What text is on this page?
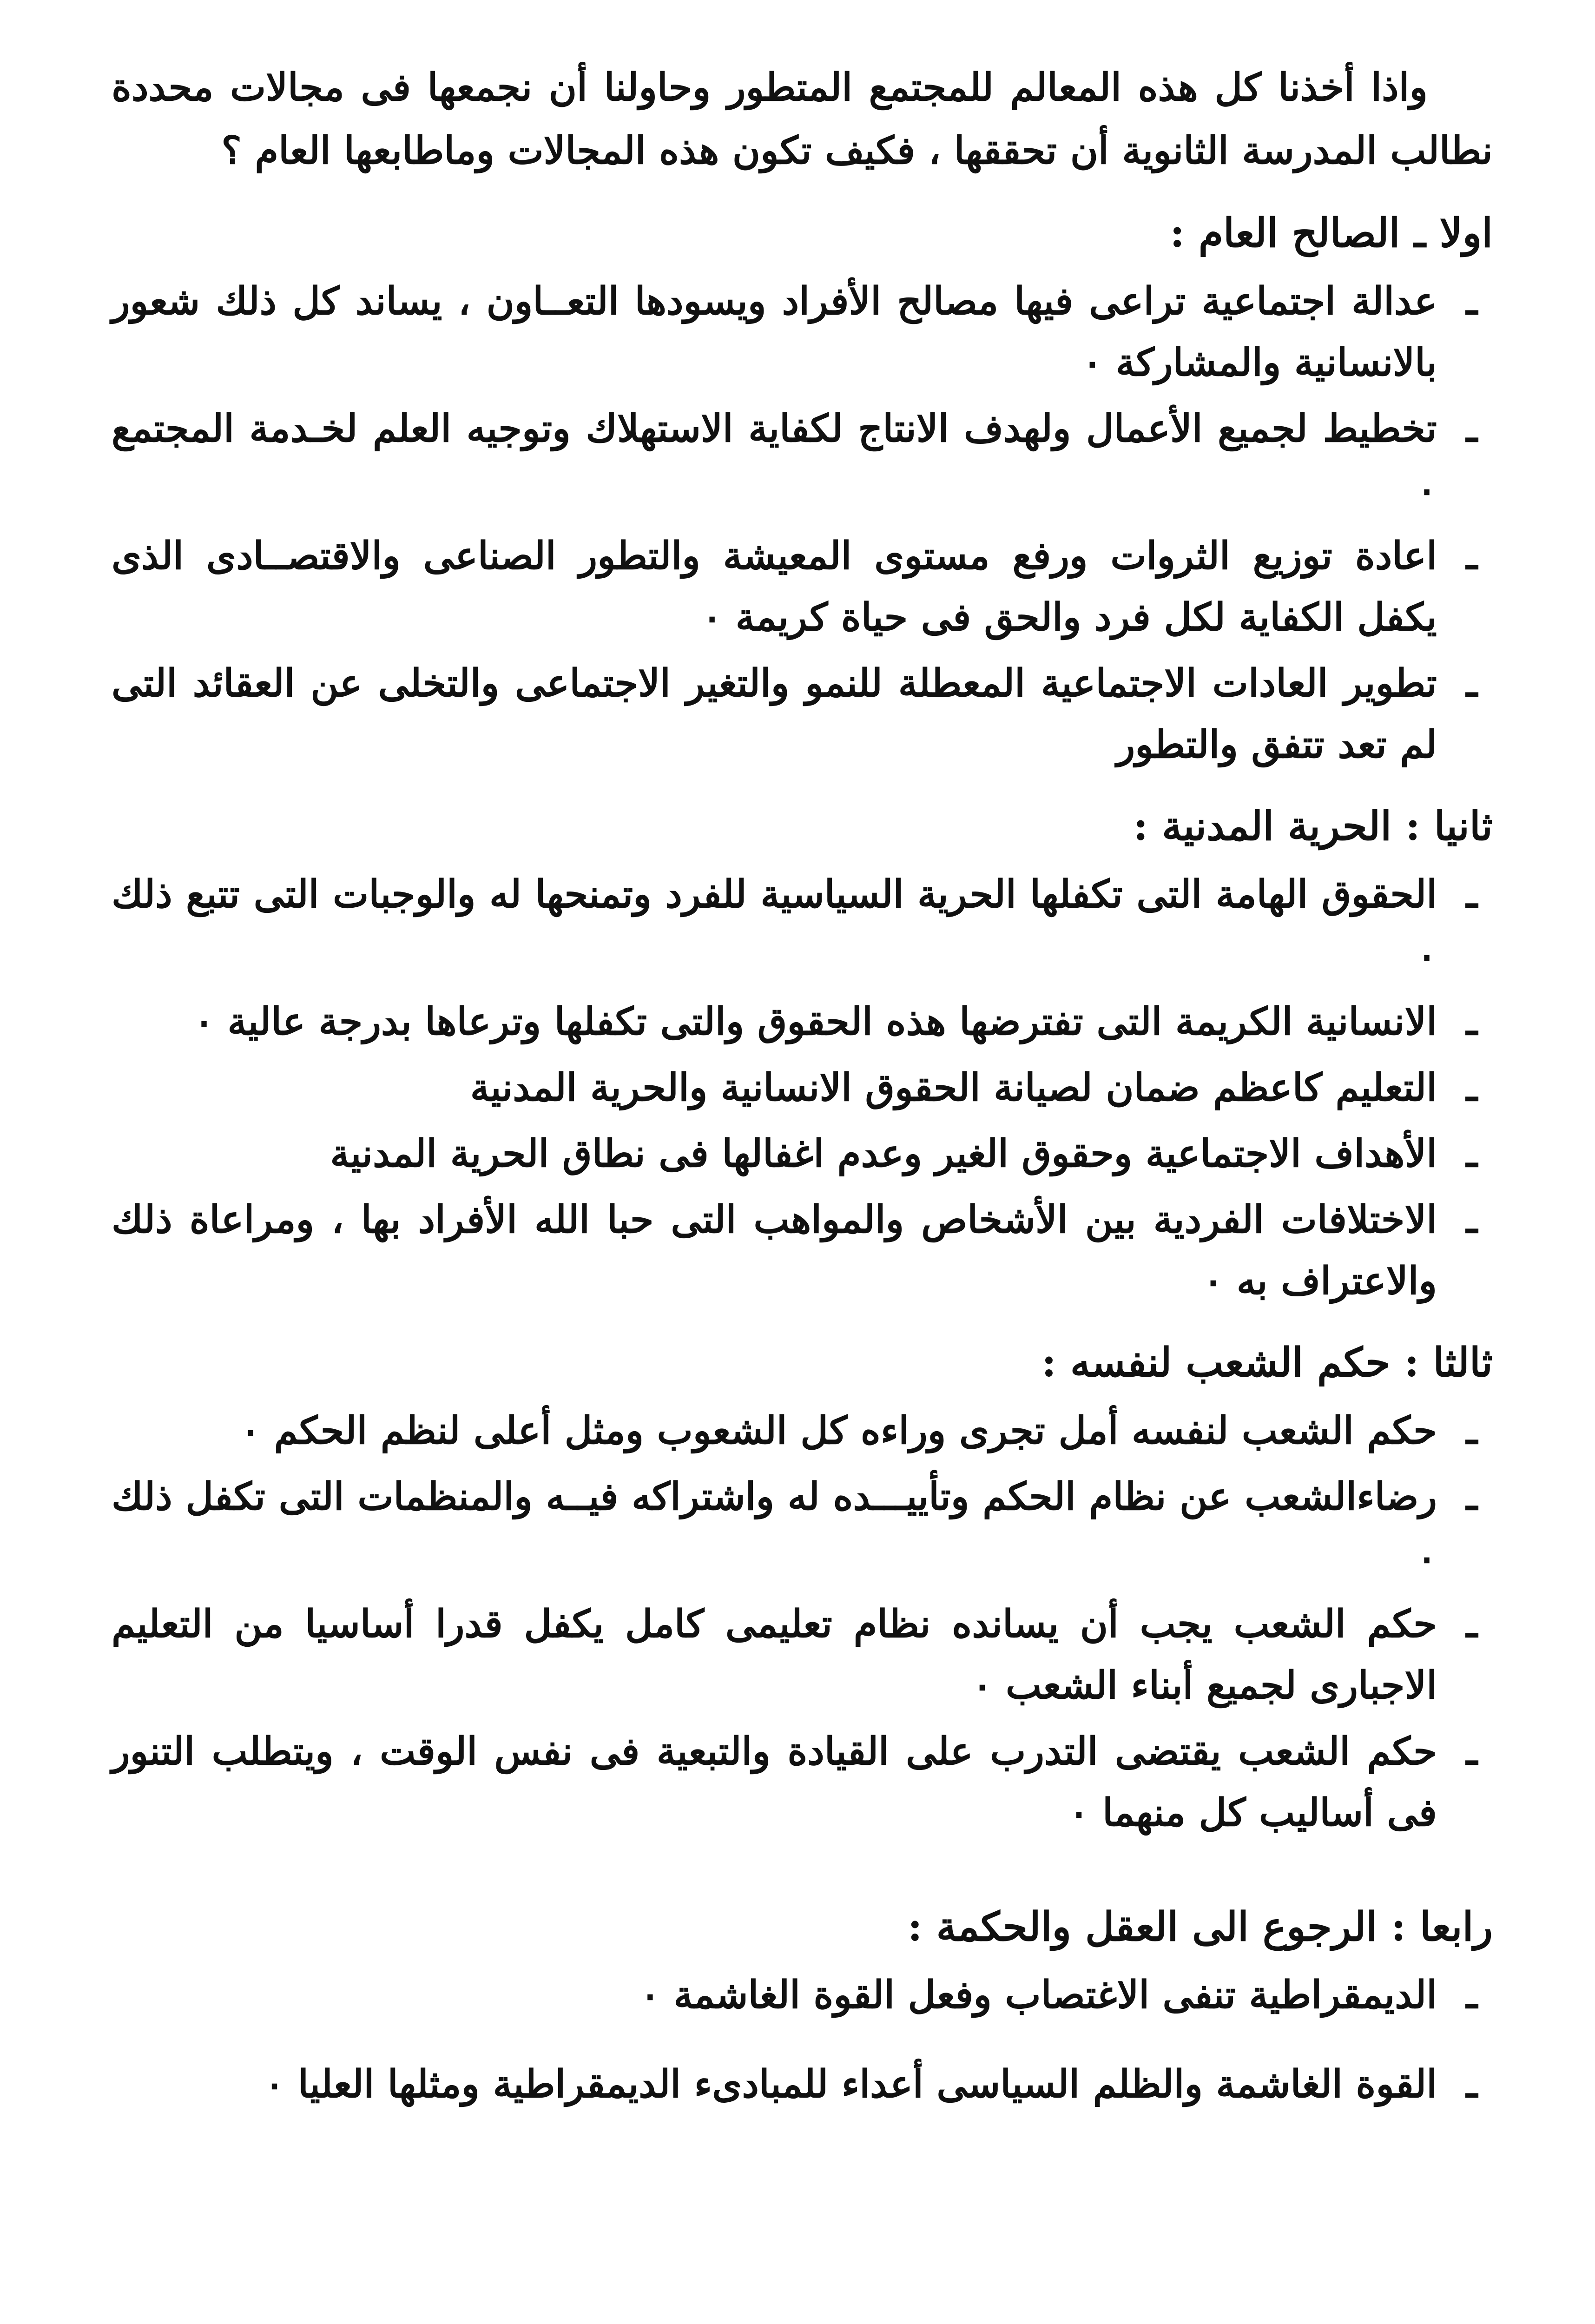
واذا أخذنا كل هذه المعالم للمجتمع المتطور وحاولنا أن نجمعها فى مجالات محددة نطالب المدرسة الثانوية أن تحققها ، فكيف تكون هذه المجالات وماطابعها العام ؟

اولا ـ الصالح العام :
ـ
عدالة اجتماعية تراعى فيها مصالح الأفراد ويسودها التعــاون ، يساند كل ذلك شعور بالانسانية والمشاركة ٠
ـ
تخطيط لجميع الأعمال ولهدف الانتاج لكفاية الاستهلاك وتوجيه العلم لخـدمة المجتمع ٠
ـ
اعادة توزيع الثروات ورفع مستوى المعيشة والتطور الصناعى والاقتصــادى الذى يكفل الكفاية لكل فرد والحق فى حياة كريمة ٠
ـ
تطوير العادات الاجتماعية المعطلة للنمو والتغير الاجتماعى والتخلى عن العقائد التى لم تعد تتفق والتطور
ثانيا : الحرية المدنية :
ـ
الحقوق الهامة التى تكفلها الحرية السياسية للفرد وتمنحها له والوجبات التى تتبع ذلك ٠
ـ
الانسانية الكريمة التى تفترضها هذه الحقوق والتى تكفلها وترعاها بدرجة عالية ٠
ـ
التعليم كاعظم ضمان لصيانة الحقوق الانسانية والحرية المدنية
ـ
الأهداف الاجتماعية وحقوق الغير وعدم اغفالها فى نطاق الحرية المدنية
ـ
الاختلافات الفردية بين الأشخاص والمواهب التى حبا الله الأفراد بها ، ومراعاة ذلك والاعتراف به ٠
ثالثا : حكم الشعب لنفسه :
ـ
حكم الشعب لنفسه أمل تجرى وراءه كل الشعوب ومثل أعلى لنظم الحكم ٠
ـ
رضاءالشعب عن نظام الحكم وتأييـــده له واشتراكه فيــه والمنظمات التى تكفل ذلك ٠
ـ
حكم الشعب يجب أن يسانده نظام تعليمى كامل يكفل قدرا أساسيا من التعليم الاجبارى لجميع أبناء الشعب ٠
ـ
حكم الشعب يقتضى التدرب على القيادة والتبعية فى نفس الوقت ، ويتطلب التنور فى أساليب كل منهما ٠
رابعا : الرجوع الى العقل والحكمة :
ـ
الديمقراطية تنفى الاغتصاب وفعل القوة الغاشمة ٠
ـ
القوة الغاشمة والظلم السياسى أعداء للمبادىء الديمقراطية ومثلها العليا ٠
